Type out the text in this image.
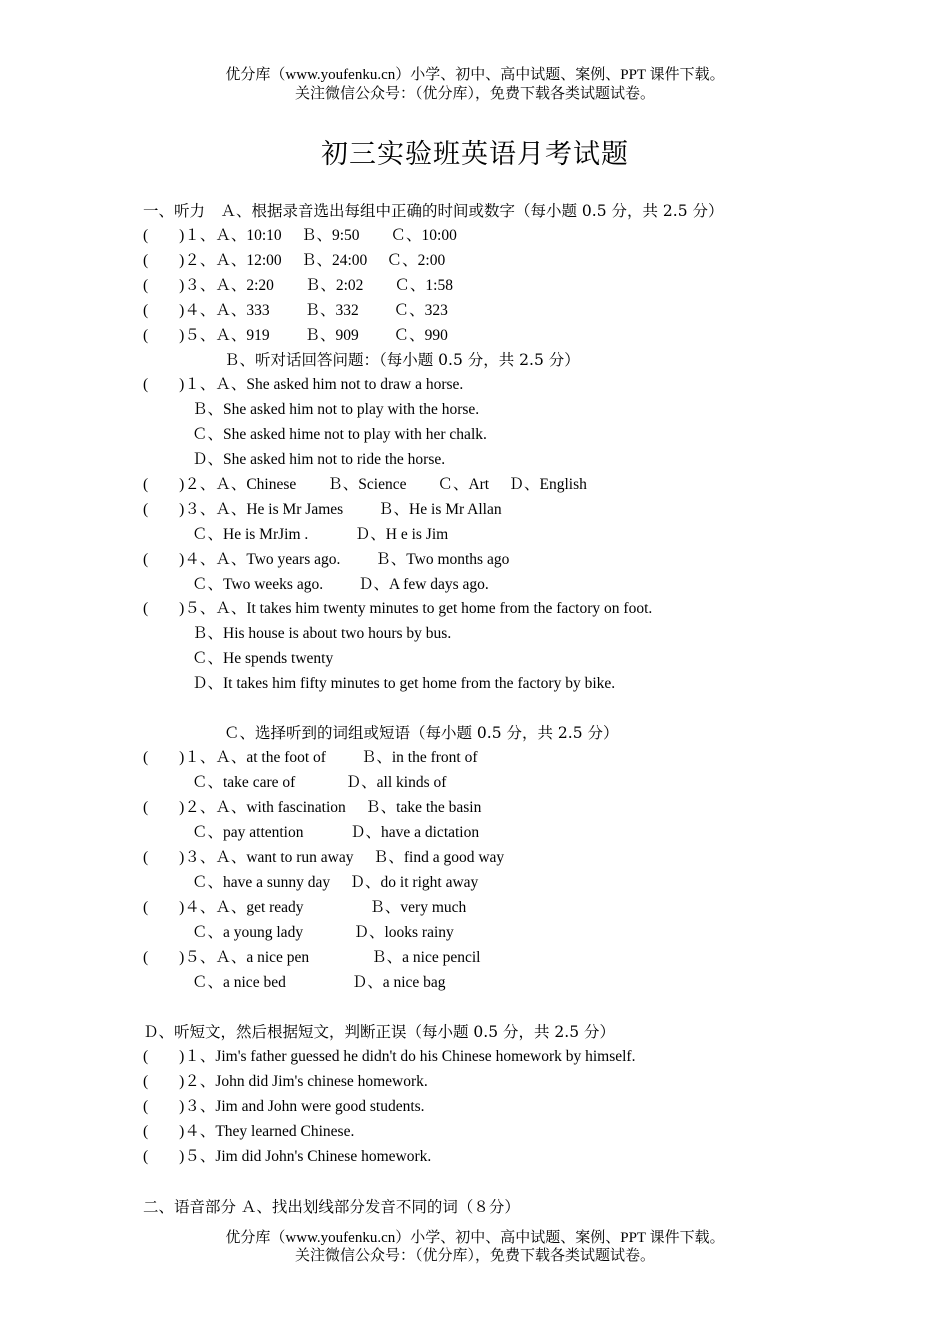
优分库（www.youfenku.cn）小学、初中、高中试题、案例、PPT 课件下载。
关注微信公众号：（优分库），免费下载各类试题试卷。
初三实验班英语月考试题
一、听力　Ａ、根据录音选出每组中正确的时间或数字（每小题 0.5 分，共 2.5 分）
(　　)１、Ａ、10:10　 Ｂ、9:50　　Ｃ、10:00
(　　)２、Ａ、12:00　 Ｂ、24:00　 Ｃ、2:00
(　　)３、Ａ、2:20　　Ｂ、2:02　　Ｃ、1:58
(　　)４、Ａ、333　　 Ｂ、332　　 Ｃ、323
(　　)５、Ａ、919　　 Ｂ、909　　 Ｃ、990
Ｂ、听对话回答问题：（每小题 0.5 分，共 2.5 分）
(　　)１、Ａ、She asked him not to draw a horse.
Ｂ、She asked him not to play with the horse.
Ｃ、She asked hime not to play with her chalk.
Ｄ、She asked him not to ride the horse.
(　　)２、Ａ、Chinese　　Ｂ、Science　　Ｃ、Art　 Ｄ、English
(　　)３、Ａ、He is Mr James　　 Ｂ、He is Mr Allan
Ｃ、He is MrJim .　　　Ｄ、H e is Jim
(　　)４、Ａ、Two years ago.　　 Ｂ、Two months ago
Ｃ、Two weeks ago.　　 Ｄ、A few days ago.
(　　)５、Ａ、It takes him twenty minutes to get home from the factory on foot.
Ｂ、His house is about two hours by bus.
Ｃ、He spends twenty
Ｄ、It takes him fifty minutes to get home from the factory by bike.
Ｃ、选择听到的词组或短语（每小题 0.5 分，共 2.5 分）
(　　)１、Ａ、at the foot of　　 Ｂ、in the front of
Ｃ、take care of　　　 Ｄ、all kinds of
(　　)２、Ａ、with fascination　 Ｂ、take the basin
Ｃ、pay attention　　　Ｄ、have a dictation
(　　)３、Ａ、want to run away　 Ｂ、find a good way
Ｃ、have a sunny day　 Ｄ、do it right away
(　　)４、Ａ、get ready　　　　 Ｂ、very much
Ｃ、a young lady　　　 Ｄ、looks rainy
(　　)５、Ａ、a nice pen　　　　Ｂ、a nice pencil
Ｃ、a nice bed　　　　 Ｄ、a nice bag
Ｄ、听短文，然后根据短文，判断正误（每小题 0.5 分，共 2.5 分）
(　　)１、Jim's father guessed he didn't do his Chinese homework by himself.
(　　)２、John did Jim's chinese homework.
(　　)３、Jim and John were good students.
(　　)４、They learned Chinese.
(　　)５、Jim did John's Chinese homework.
二、语音部分 Ａ、找出划线部分发音不同的词（８分）
优分库（www.youfenku.cn）小学、初中、高中试题、案例、PPT 课件下载。
关注微信公众号：（优分库），免费下载各类试题试卷。
